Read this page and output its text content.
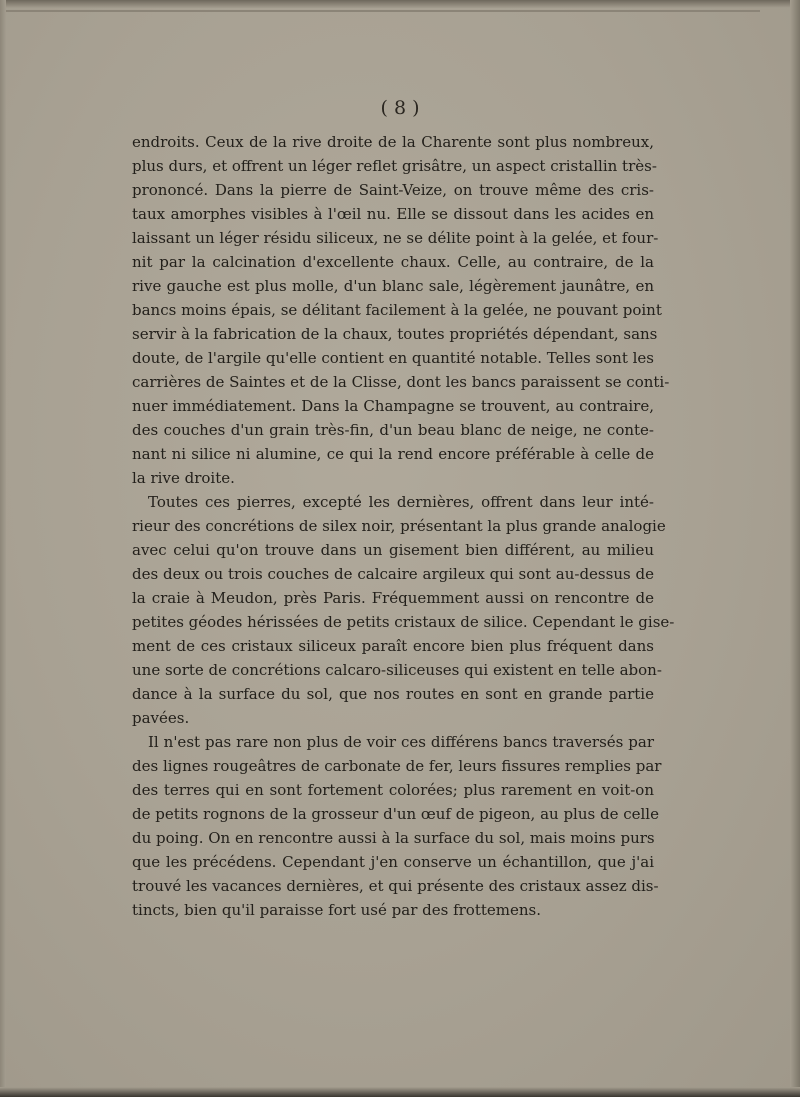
( 8 )

endroits. Ceux de la rive droite de la Charente sont plus nombreux,
plus durs, et offrent un léger reflet grisâtre, un aspect cristallin très-
prononcé. Dans la pierre de Saint-Veize, on trouve même des cris-
taux amorphes visibles à l'œil nu. Elle se dissout dans les acides en
laissant un léger résidu siliceux, ne se délite point à la gelée, et four-
nit par la calcination d'excellente chaux. Celle, au contraire, de la
rive gauche est plus molle, d'un blanc sale, légèrement jaunâtre, en
bancs moins épais, se délitant facilement à la gelée, ne pouvant point
servir à la fabrication de la chaux, toutes propriétés dépendant, sans
doute, de l'argile qu'elle contient en quantité notable. Telles sont les
carrières de Saintes et de la Clisse, dont les bancs paraissent se conti-
nuer immédiatement. Dans la Champagne se trouvent, au contraire,
des couches d'un grain très-fin, d'un beau blanc de neige, ne conte-
nant ni silice ni alumine, ce qui la rend encore préférable à celle de
la rive droite.
Toutes ces pierres, excepté les dernières, offrent dans leur inté-
rieur des concrétions de silex noir, présentant la plus grande analogie
avec celui qu'on trouve dans un gisement bien différent, au milieu
des deux ou trois couches de calcaire argileux qui sont au-dessus de
la craie à Meudon, près Paris. Fréquemment aussi on rencontre de
petites géodes hérissées de petits cristaux de silice. Cependant le gise-
ment de ces cristaux siliceux paraît encore bien plus fréquent dans
une sorte de concrétions calcaro-siliceuses qui existent en telle abon-
dance à la surface du sol, que nos routes en sont en grande partie
pavées.
Il n'est pas rare non plus de voir ces différens bancs traversés par
des lignes rougeâtres de carbonate de fer, leurs fissures remplies par
des terres qui en sont fortement colorées; plus rarement en voit-on
de petits rognons de la grosseur d'un œuf de pigeon, au plus de celle
du poing. On en rencontre aussi à la surface du sol, mais moins purs
que les précédens. Cependant j'en conserve un échantillon, que j'ai
trouvé les vacances dernières, et qui présente des cristaux assez dis-
tincts, bien qu'il paraisse fort usé par des frottemens.
